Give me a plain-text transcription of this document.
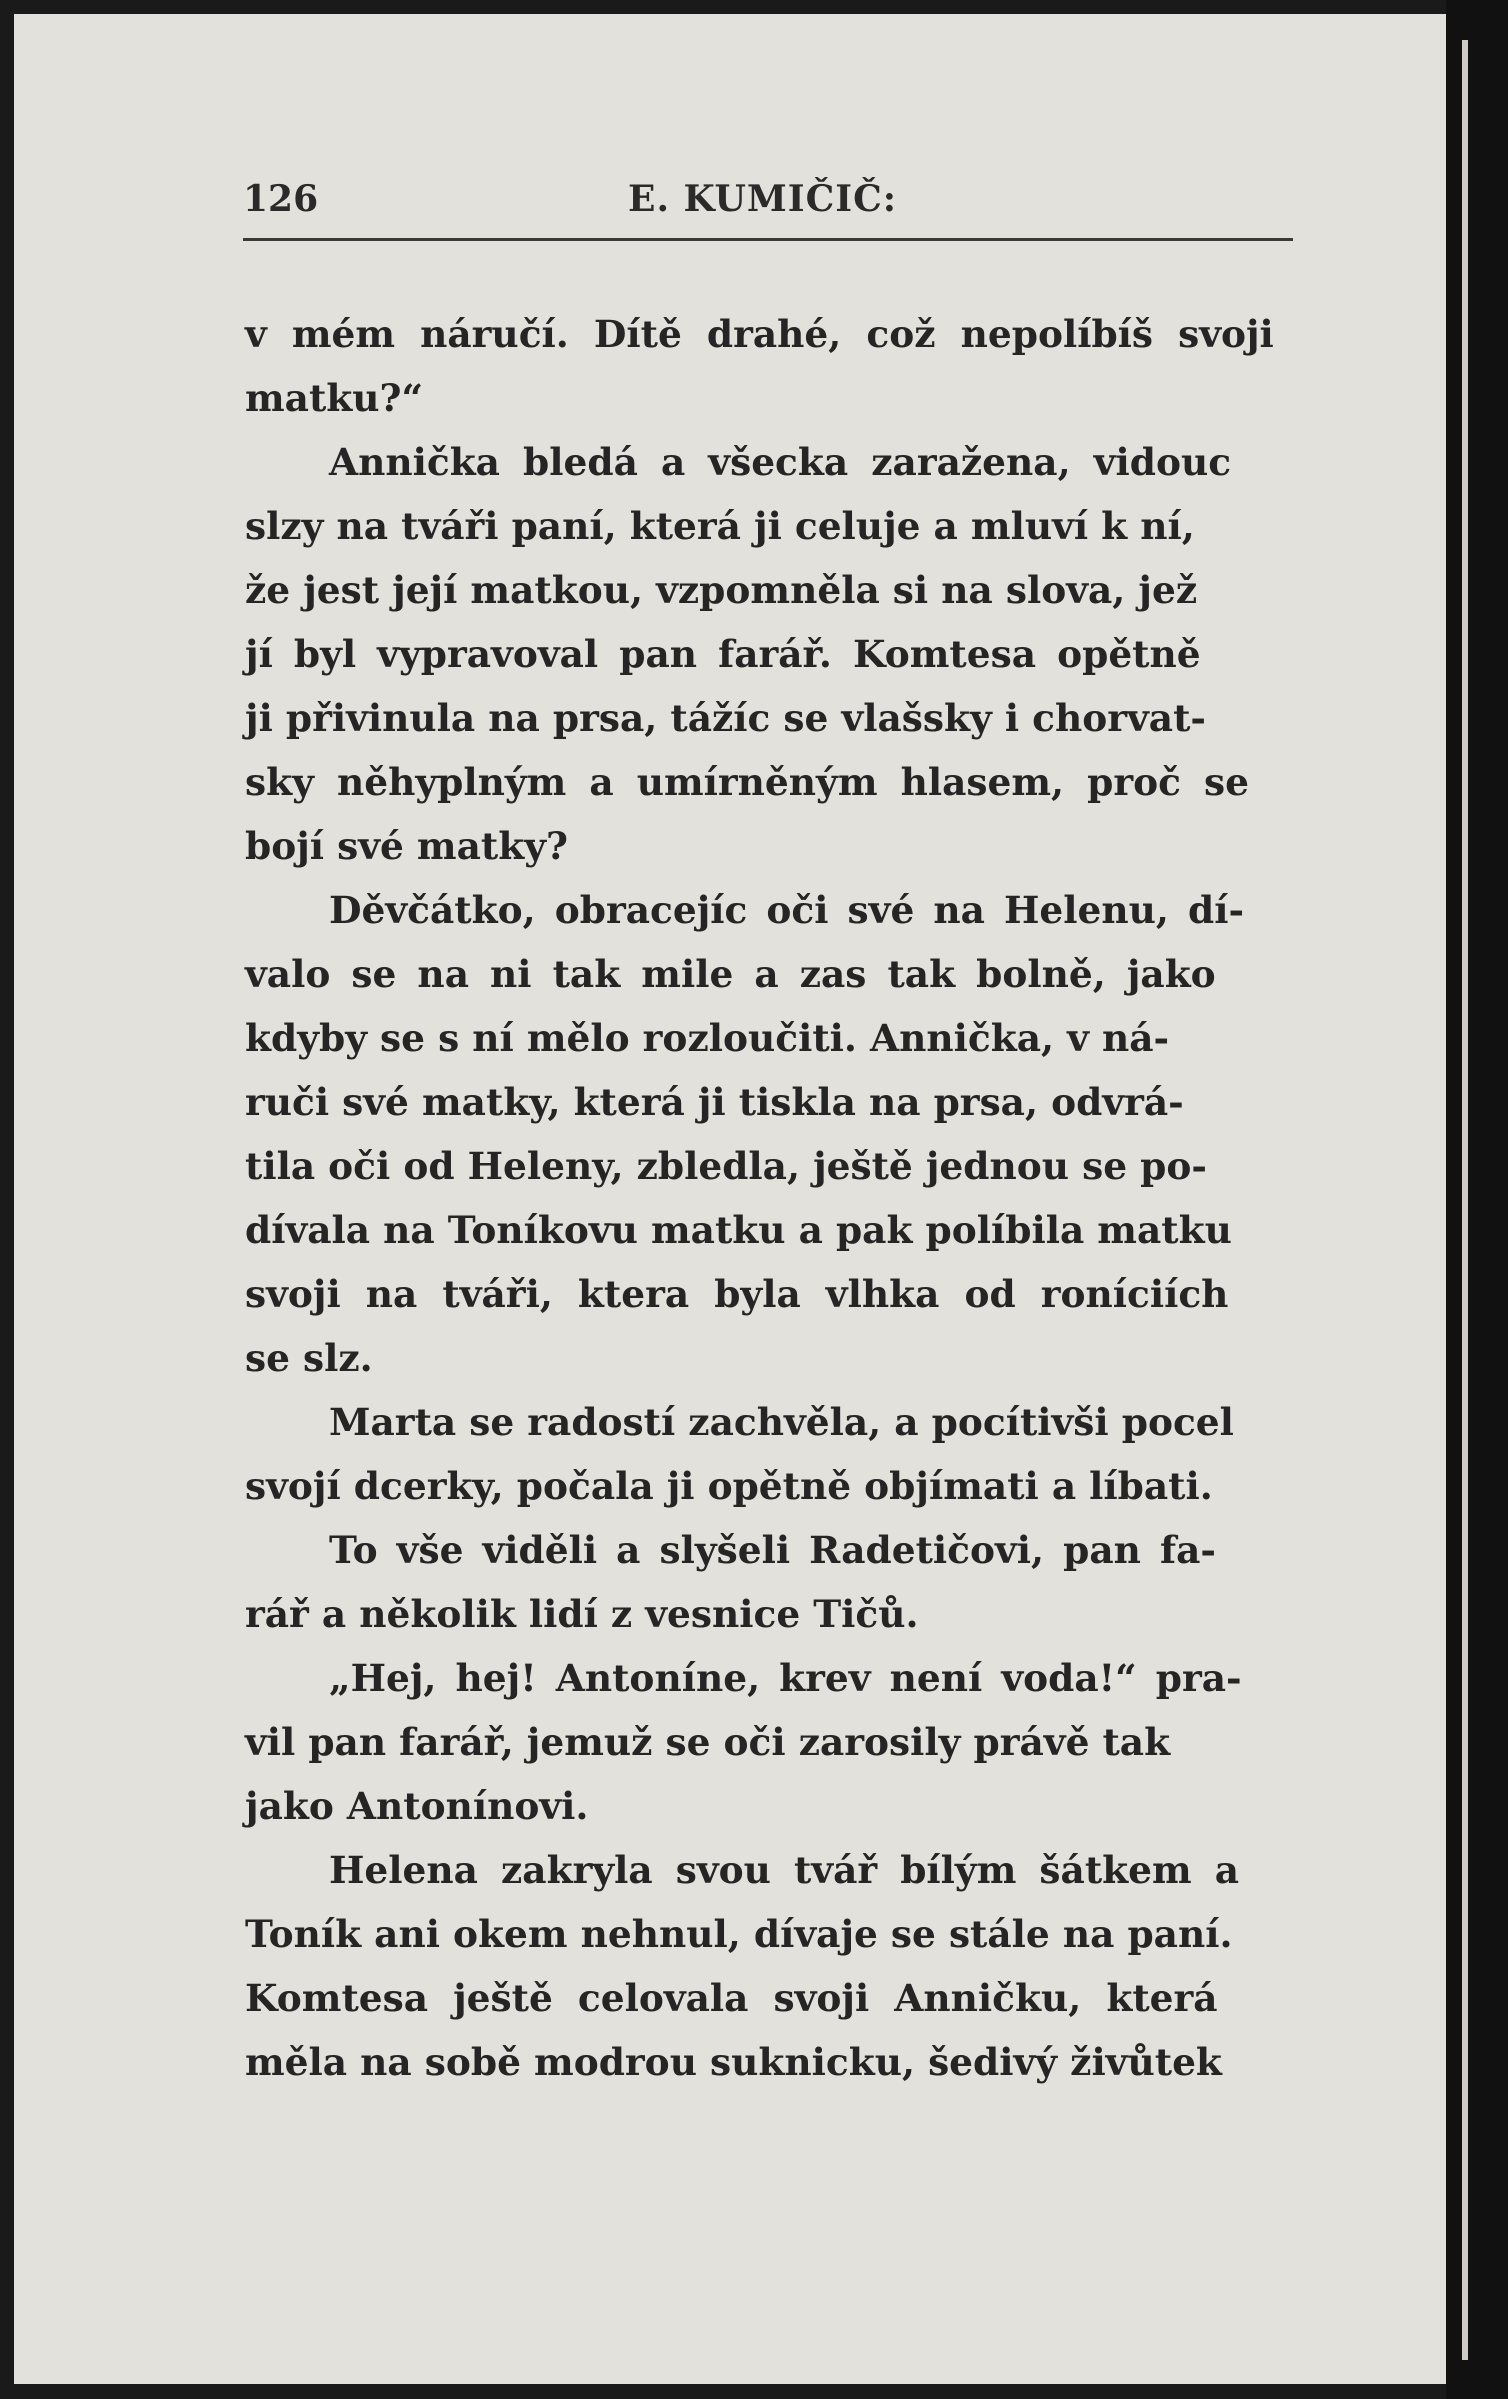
126	E. KUMIČIČ:
v mém náručí. Dítě drahé, což nepolíbíš svoji
matku?“
Annička bledá a všecka zaražena, vidouc
slzy na tváři paní, která ji celuje a mluví k ní,
že jest její matkou, vzpomněla si na slova, jež
jí byl vypravoval pan farář. Komtesa opětně
ji přivinula na prsa, tážíc se vlašsky i chorvat-
sky něhyplným a umírněným hlasem, proč se
bojí své matky?
Děvčátko, obracejíc oči své na Helenu, dí-
valo se na ni tak mile a zas tak bolně, jako
kdyby se s ní mělo rozloučiti. Annička, v ná-
ruči své matky, která ji tiskla na prsa, odvrá-
tila oči od Heleny, zbledla, ještě jednou se po-
dívala na Toníkovu matku a pak políbila matku
svoji na tváři, ktera byla vlhka od roníciích
se slz.
Marta se radostí zachvěla, a pocítivši pocel
svojí dcerky, počala ji opětně objímati a líbati.
To vše viděli a slyšeli Radetičovi, pan fa-
rář a několik lidí z vesnice Tičů.
„Hej, hej! Antoníne, krev není voda!“ pra-
vil pan farář, jemuž se oči zarosily právě tak
jako Antonínovi.
Helena zakryla svou tvář bílým šátkem a
Toník ani okem nehnul, dívaje se stále na paní.
Komtesa ještě celovala svoji Anničku, která
měla na sobě modrou suknicku, šedivý živůtek
